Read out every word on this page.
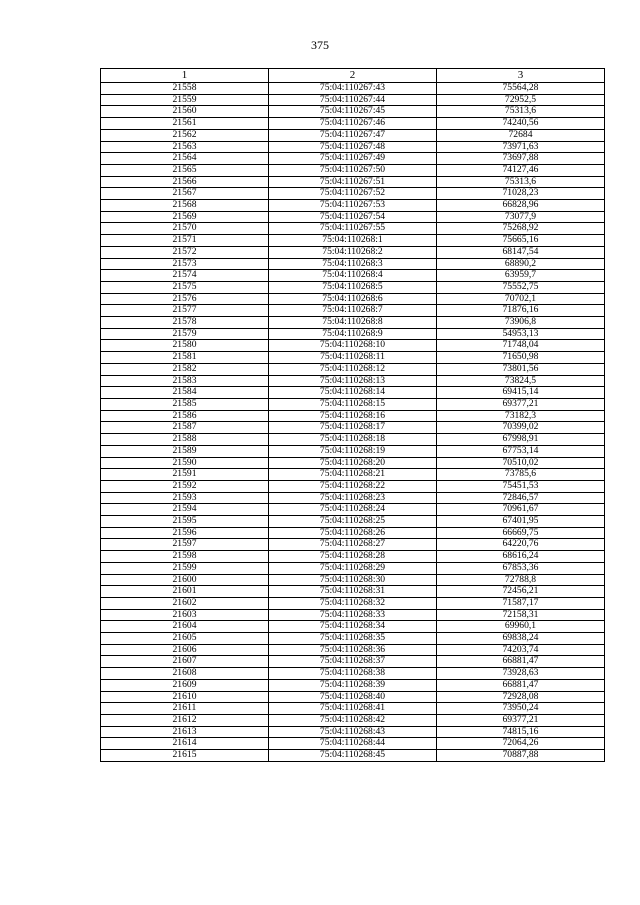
375
1	2	3
21558	75:04:110267:43	75564,28
21559	75:04:110267:44	72952,5
21560	75:04:110267:45	75313,6
21561	75:04:110267:46	74240,56
21562	75:04:110267:47	72684
21563	75:04:110267:48	73971,63
21564	75:04:110267:49	73697,88
21565	75:04:110267:50	74127,46
21566	75:04:110267:51	75313,6
21567	75:04:110267:52	71028,23
21568	75:04:110267:53	66828,96
21569	75:04:110267:54	73077,9
21570	75:04:110267:55	75268,92
21571	75:04:110268:1	75665,16
21572	75:04:110268:2	68147,54
21573	75:04:110268:3	68890,2
21574	75:04:110268:4	63959,7
21575	75:04:110268:5	75552,75
21576	75:04:110268:6	70702,1
21577	75:04:110268:7	71876,16
21578	75:04:110268:8	73906,8
21579	75:04:110268:9	54953,13
21580	75:04:110268:10	71748,04
21581	75:04:110268:11	71650,98
21582	75:04:110268:12	73801,56
21583	75:04:110268:13	73824,5
21584	75:04:110268:14	69415,14
21585	75:04:110268:15	69377,21
21586	75:04:110268:16	73182,3
21587	75:04:110268:17	70399,02
21588	75:04:110268:18	67998,91
21589	75:04:110268:19	67753,14
21590	75:04:110268:20	70510,02
21591	75:04:110268:21	73785,6
21592	75:04:110268:22	75451,53
21593	75:04:110268:23	72846,57
21594	75:04:110268:24	70961,67
21595	75:04:110268:25	67401,95
21596	75:04:110268:26	66669,75
21597	75:04:110268:27	64220,76
21598	75:04:110268:28	68616,24
21599	75:04:110268:29	67853,36
21600	75:04:110268:30	72788,8
21601	75:04:110268:31	72456,21
21602	75:04:110268:32	71587,17
21603	75:04:110268:33	72158,31
21604	75:04:110268:34	69960,1
21605	75:04:110268:35	69838,24
21606	75:04:110268:36	74203,74
21607	75:04:110268:37	66881,47
21608	75:04:110268:38	73928,63
21609	75:04:110268:39	66881,47
21610	75:04:110268:40	72928,08
21611	75:04:110268:41	73950,24
21612	75:04:110268:42	69377,21
21613	75:04:110268:43	74815,16
21614	75:04:110268:44	72064,26
21615	75:04:110268:45	70887,88
